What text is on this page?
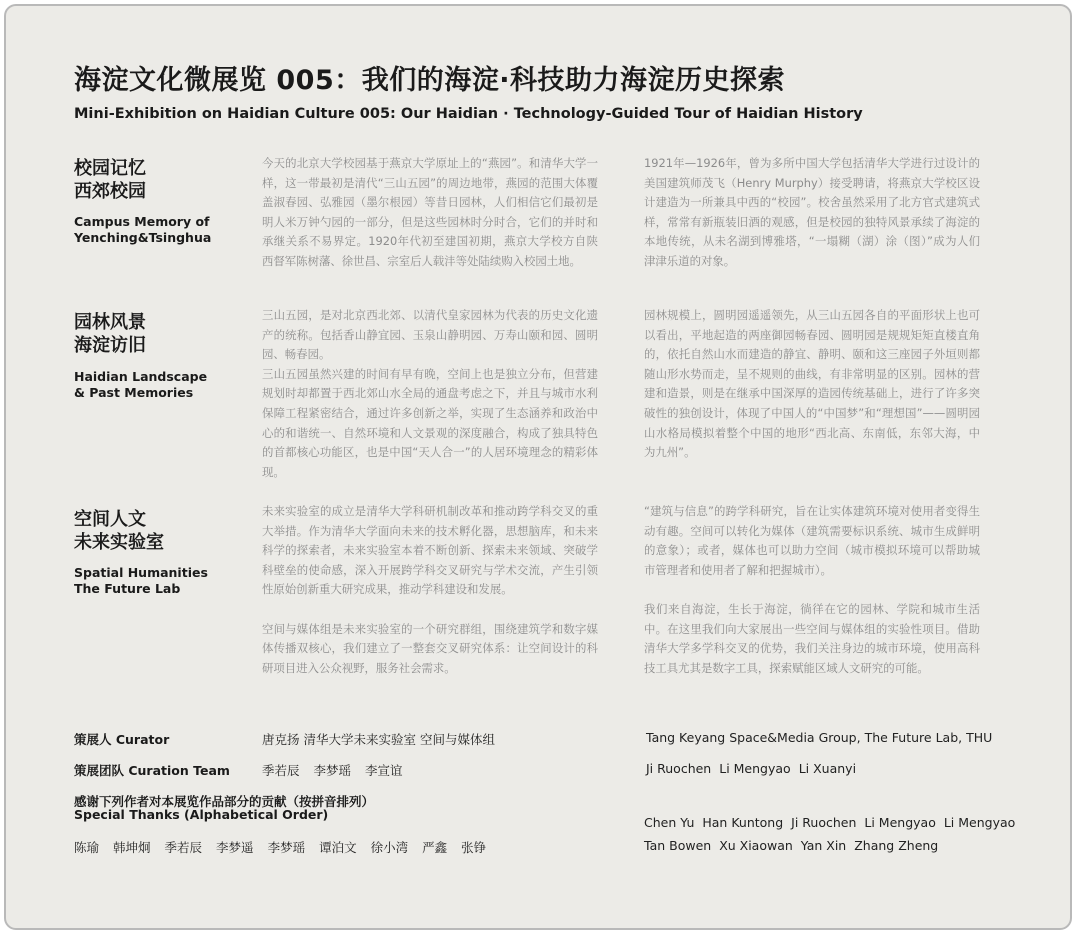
海淀文化微展览 005：我们的海淀·科技助力海淀历史探索
Mini-Exhibition on Haidian Culture 005: Our Haidian · Technology-Guided Tour of Haidian History
校园记忆
西郊校园
Campus Memory of
Yenching&Tsinghua

今天的北京大学校园基于燕京大学原址上的“燕园”。和清华大学一样，这一带最初是清代“三山五园”的周边地带，燕园的范围大体覆盖淑春园、弘雅园（墨尔根园）等昔日园林，人们相信它们最初是明人米万钟勺园的一部分，但是这些园林时分时合，它们的并时和承继关系不易界定。1920年代初至建国初期，燕京大学校方自陕西督军陈树藩、徐世昌、宗室后人载沣等处陆续购入校园土地。

1921年—1926年，曾为多所中国大学包括清华大学进行过设计的美国建筑师茂飞（Henry Murphy）接受聘请，将燕京大学校区设计建造为一所兼具中西的“校园”。校舍虽然采用了北方官式建筑式样，常常有新瓶装旧酒的观感，但是校园的独特风景承续了海淀的本地传统，从未名湖到博雅塔，“一塌糊（湖）涂（图）”成为人们津津乐道的对象。

园林风景
海淀访旧
Haidian Landscape
& Past Memories

三山五园，是对北京西北郊、以清代皇家园林为代表的历史文化遗产的统称。包括香山静宜园、玉泉山静明园、万寿山颐和园、圆明园、畅春园。

三山五园虽然兴建的时间有早有晚，空间上也是独立分布，但营建规划时却都置于西北郊山水全局的通盘考虑之下，并且与城市水利保障工程紧密结合，通过许多创新之举，实现了生态涵养和政治中心的和谐统一、自然环境和人文景观的深度融合，构成了独具特色的首都核心功能区，也是中国“天人合一”的人居环境理念的精彩体现。

园林规模上，圆明园遥遥领先，从三山五园各自的平面形状上也可以看出，平地起造的两座御园畅春园、圆明园是规规矩矩直楼直角的，依托自然山水而建造的静宜、静明、颐和这三座园子外垣则都随山形水势而走，呈不规则的曲线，有非常明显的区别。园林的营建和造景，则是在继承中国深厚的造园传统基础上，进行了许多突破性的独创设计，体现了中国人的“中国梦”和“理想国”——圆明园山水格局模拟着整个中国的地形“西北高、东南低，东邻大海，中为九州”。

空间人文
未来实验室
Spatial Humanities
The Future Lab

未来实验室的成立是清华大学科研机制改革和推动跨学科交叉的重大举措。作为清华大学面向未来的技术孵化器，思想脑库，和未来科学的探索者，未来实验室本着不断创新、探索未来领域、突破学科壁垒的使命感，深入开展跨学科交叉研究与学术交流，产生引领性原始创新重大研究成果，推动学科建设和发展。

空间与媒体组是未来实验室的一个研究群组，围绕建筑学和数字媒体传播双核心，我们建立了一整套交叉研究体系：让空间设计的科研项目进入公众视野，服务社会需求。

“建筑与信息”的跨学科研究，旨在让实体建筑环境对使用者变得生动有趣。空间可以转化为媒体（建筑需要标识系统、城市生成鲜明的意象）；或者，媒体也可以助力空间（城市模拟环境可以帮助城市管理者和使用者了解和把握城市）。

我们来自海淀，生长于海淀，徜徉在它的园林、学院和城市生活中。在这里我们向大家展出一些空间与媒体组的实验性项目。借助清华大学多学科交叉的优势，我们关注身边的城市环境，使用高科技工具尤其是数字工具，探索赋能区域人文研究的可能。

策展人 Curator	唐克扬 清华大学未来实验室 空间与媒体组	Tang Keyang Space&Media Group, The Future Lab, THU
策展团队 Curation Team	季若辰 李梦瑶 李宣谊	Ji Ruochen Li Mengyao Li Xuanyi
感谢下列作者对本展览作品部分的贡献（按拼音排列）
Special Thanks (Alphabetical Order)
陈瑜 韩坤炯 季若辰 李梦遥 李梦瑶 谭泊文 徐小湾 严鑫 张铮
Chen Yu Han Kuntong Ji Ruochen Li Mengyao Li Mengyao
Tan Bowen Xu Xiaowan Yan Xin Zhang Zheng
